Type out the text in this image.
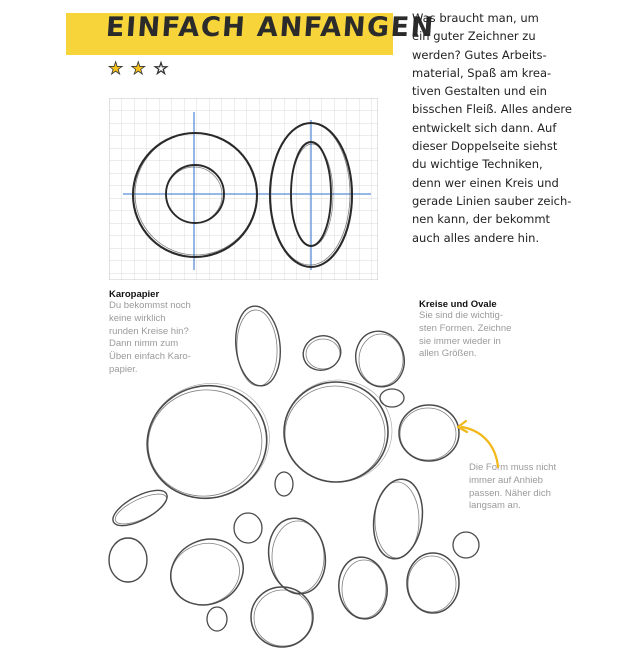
EINFACH ANFANGEN
★ ★ ☆
Was braucht man, um
ein guter Zeichner zu
werden? Gutes Arbeits-
material, Spaß am krea-
tiven Gestalten und ein
bisschen Fleiß. Alles andere
entwickelt sich dann. Auf
dieser Doppelseite siehst
du wichtige Techniken,
denn wer einen Kreis und
gerade Linien sauber zeich-
nen kann, der bekommt
auch alles andere hin.
Karopapier
Du bekommst noch
keine wirklich
runden Kreise hin?
Dann nimm zum
Üben einfach Karo-
papier.
Kreise und Ovale
Sie sind die wichtig-
sten Formen. Zeichne
sie immer wieder in
allen Größen.
Die Form muss nicht
immer auf Anhieb
passen. Näher dich
langsam an.
